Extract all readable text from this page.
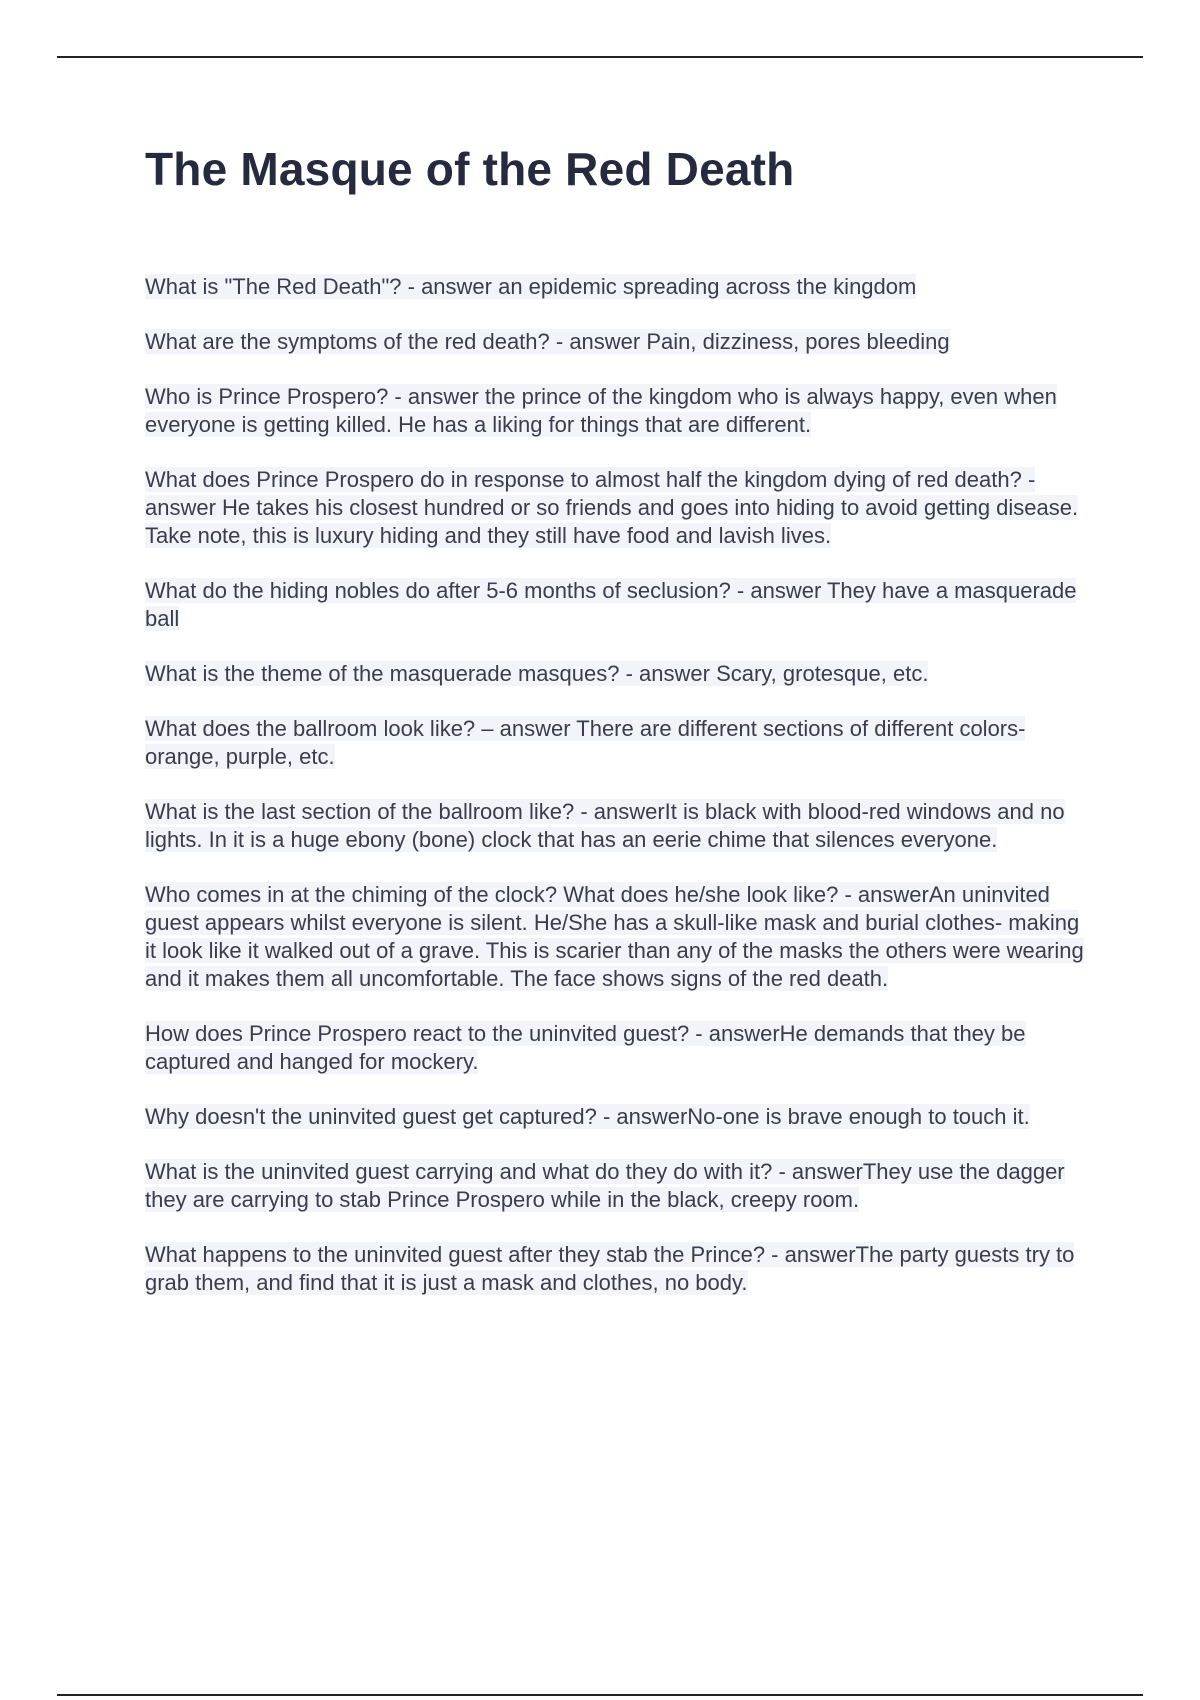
The Masque of the Red Death

What is "The Red Death"? - answer an epidemic spreading across the kingdom

What are the symptoms of the red death? - answer Pain, dizziness, pores bleeding

Who is Prince Prospero? - answer the prince of the kingdom who is always happy, even when everyone is getting killed. He has a liking for things that are different.

What does Prince Prospero do in response to almost half the kingdom dying of red death? - answer He takes his closest hundred or so friends and goes into hiding to avoid getting disease. Take note, this is luxury hiding and they still have food and lavish lives.

What do the hiding nobles do after 5-6 months of seclusion? - answer They have a masquerade ball

What is the theme of the masquerade masques? - answer Scary, grotesque, etc.

What does the ballroom look like? – answer There are different sections of different colors- orange, purple, etc.

What is the last section of the ballroom like? - answerIt is black with blood-red windows and no lights. In it is a huge ebony (bone) clock that has an eerie chime that silences everyone.

Who comes in at the chiming of the clock? What does he/she look like? - answerAn uninvited guest appears whilst everyone is silent. He/She has a skull-like mask and burial clothes- making it look like it walked out of a grave. This is scarier than any of the masks the others were wearing and it makes them all uncomfortable. The face shows signs of the red death.

How does Prince Prospero react to the uninvited guest? - answerHe demands that they be captured and hanged for mockery.

Why doesn't the uninvited guest get captured? - answerNo-one is brave enough to touch it.

What is the uninvited guest carrying and what do they do with it? - answerThey use the dagger they are carrying to stab Prince Prospero while in the black, creepy room.

What happens to the uninvited guest after they stab the Prince? - answerThe party guests try to grab them, and find that it is just a mask and clothes, no body.
